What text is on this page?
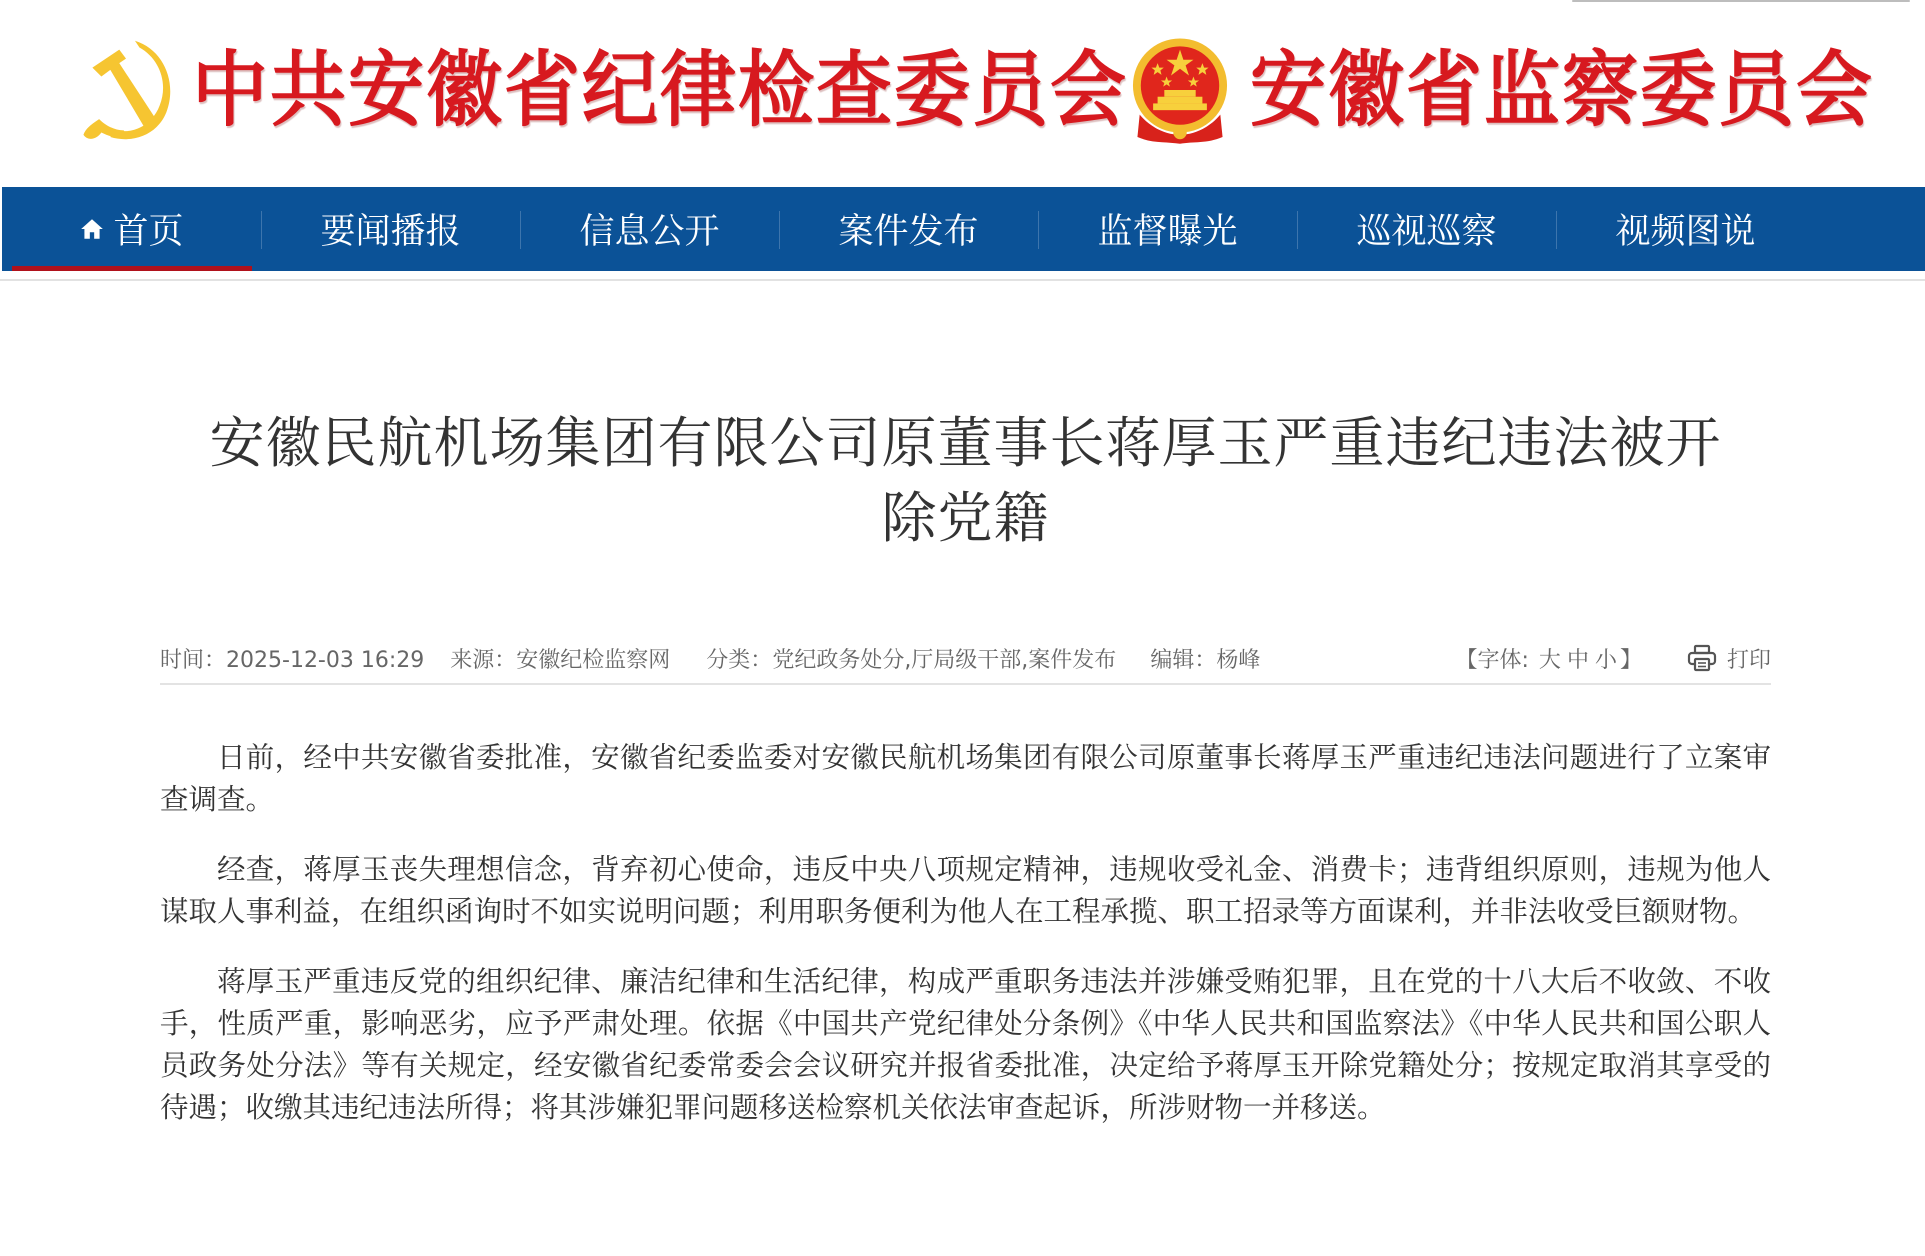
中共安徽省纪律检查委员会 安徽省监察委员会
首页	要闻播报	信息公开	案件发布	监督曝光	巡视巡察	视频图说
安徽民航机场集团有限公司原董事长蒋厚玉严重违纪违法被开
除党籍
时间：2025-12-03 16:29 来源：安徽纪检监察网 分类：党纪政务处分,厅局级干部,案件发布 编辑：杨峰	【字体: 大 中 小 】	打印

日前，经中共安徽省委批准，安徽省纪委监委对安徽民航机场集团有限公司原董事长蒋厚玉严重违纪违法问题进行了立案审查调查。

经查，蒋厚玉丧失理想信念，背弃初心使命，违反中央八项规定精神，违规收受礼金、消费卡；违背组织原则，违规为他人谋取人事利益，在组织函询时不如实说明问题；利用职务便利为他人在工程承揽、职工招录等方面谋利，并非法收受巨额财物。

蒋厚玉严重违反党的组织纪律、廉洁纪律和生活纪律，构成严重职务违法并涉嫌受贿犯罪，且在党的十八大后不收敛、不收手，性质严重，影响恶劣，应予严肃处理。依据《中国共产党纪律处分条例》《中华人民共和国监察法》《中华人民共和国公职人员政务处分法》等有关规定，经安徽省纪委常委会会议研究并报省委批准，决定给予蒋厚玉开除党籍处分；按规定取消其享受的待遇；收缴其违纪违法所得；将其涉嫌犯罪问题移送检察机关依法审查起诉，所涉财物一并移送。
